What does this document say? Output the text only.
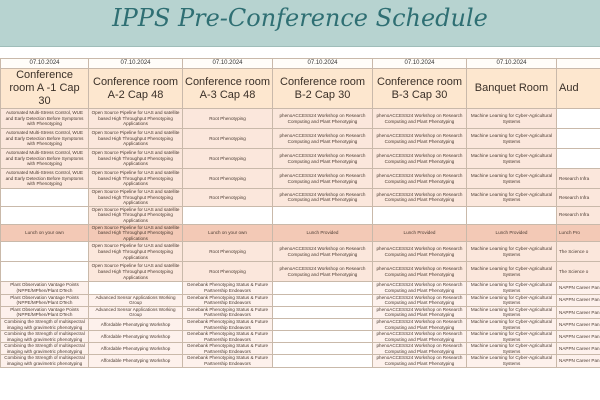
IPPS Pre-Conference Schedule
07.10.2024	07.10.2024	07.10.2024	07.10.2024	07.10.2024	07.10.2024	
Conference room A -1 Cap 30	Conference room A-2 Cap 48	Conference room A-3 Cap 48	Conference room B-2 Cap 30	Conference room B-3 Cap 30	Banquet Room	Aud
Automated Multi-Stress Control, WUE and Early Detection Before Symptoms with Phenotyping	Open Source Pipeline for UAS and satellite based High Throughput Phenotyping Applications	Root Phenotyping	phenoACCESS24 Workshop on Research Computing and Plant Phenotyping	phenoACCESS24 Workshop on Research Computing and Plant Phenotyping	Machine Learning for Cyber-Agricultural Systems	
Automated Multi-Stress Control, WUE and Early Detection Before Symptoms with Phenotyping	Open Source Pipeline for UAS and satellite based High Throughput Phenotyping Applications	Root Phenotyping	phenoACCESS24 Workshop on Research Computing and Plant Phenotyping	phenoACCESS24 Workshop on Research Computing and Plant Phenotyping	Machine Learning for Cyber-Agricultural Systems	
Automated Multi-Stress Control, WUE and Early Detection Before Symptoms with Phenotyping	Open Source Pipeline for UAS and satellite based High Throughput Phenotyping Applications	Root Phenotyping	phenoACCESS24 Workshop on Research Computing and Plant Phenotyping	phenoACCESS24 Workshop on Research Computing and Plant Phenotyping	Machine Learning for Cyber-Agricultural Systems	
Automated Multi-Stress Control, WUE and Early Detection Before Symptoms with Phenotyping	Open Source Pipeline for UAS and satellite based High Throughput Phenotyping Applications	Root Phenotyping	phenoACCESS24 Workshop on Research Computing and Plant Phenotyping	phenoACCESS24 Workshop on Research Computing and Plant Phenotyping	Machine Learning for Cyber-Agricultural Systems	Research Infra
	Open Source Pipeline for UAS and satellite based High Throughput Phenotyping Applications	Root Phenotyping	phenoACCESS24 Workshop on Research Computing and Plant Phenotyping	phenoACCESS24 Workshop on Research Computing and Plant Phenotyping	Machine Learning for Cyber-Agricultural Systems	Research Infra
	Open Source Pipeline for UAS and satellite based High Throughput Phenotyping Applications					Research Infra
Lunch on your own	Open Source Pipeline for UAS and satellite based High Throughput Phenotyping Applications	Lunch on your own	Lunch Provided	Lunch Provided	Lunch Provided	Lunch Pro
	Open Source Pipeline for UAS and satellite based High Throughput Phenotyping Applications	Root Phenotyping	phenoACCESS24 Workshop on Research Computing and Plant Phenotyping	phenoACCESS24 Workshop on Research Computing and Plant Phenotyping	Machine Learning for Cyber-Agricultural Systems	The Science o
	Open Source Pipeline for UAS and satellite based High Throughput Phenotyping Applications	Root Phenotyping	phenoACCESS24 Workshop on Research Computing and Plant Phenotyping	phenoACCESS24 Workshop on Research Computing and Plant Phenotyping	Machine Learning for Cyber-Agricultural Systems	The Science o
Plant Observation Vantage Points (NPPE/MPhen/Plant DTech		Genebank Phenotyping Status & Future Partnership Endeavors		phenoACCESS24 Workshop on Research Computing and Plant Phenotyping	Machine Learning for Cyber-Agricultural Systems	NAPPN Career Pan
Plant Observation Vantage Points (NPPE/MPhen/Plant DTech	Advanced Sensor Applications Working Group	Genebank Phenotyping Status & Future Partnership Endeavors		phenoACCESS24 Workshop on Research Computing and Plant Phenotyping	Machine Learning for Cyber-Agricultural Systems	NAPPN Career Pan
Plant Observation Vantage Points (NPPE/MPhen/Plant DTech	Advanced Sensor Applications Working Group	Genebank Phenotyping Status & Future Partnership Endeavors		phenoACCESS24 Workshop on Research Computing and Plant Phenotyping	Machine Learning for Cyber-Agricultural Systems	NAPPN Career Pan
Combining the Strength of multispectral imaging with gravimetric phenotyping	Affordable Phenotyping Workshop	Genebank Phenotyping Status & Future Partnership Endeavors		phenoACCESS24 Workshop on Research Computing and Plant Phenotyping	Machine Learning for Cyber-Agricultural Systems	NAPPN Career Pan
Combining the Strength of multispectral imaging with gravimetric phenotyping	Affordable Phenotyping Workshop	Genebank Phenotyping Status & Future Partnership Endeavors		phenoACCESS24 Workshop on Research Computing and Plant Phenotyping	Machine Learning for Cyber-Agricultural Systems	NAPPN Career Pan
Combining the Strength of multispectral imaging with gravimetric phenotyping	Affordable Phenotyping Workshop	Genebank Phenotyping Status & Future Partnership Endeavors		phenoACCESS24 Workshop on Research Computing and Plant Phenotyping	Machine Learning for Cyber-Agricultural Systems	NAPPN Career Pan
Combining the Strength of multispectral imaging with gravimetric phenotyping	Affordable Phenotyping Workshop	Genebank Phenotyping Status & Future Partnership Endeavors		phenoACCESS24 Workshop on Research Computing and Plant Phenotyping	Machine Learning for Cyber-Agricultural Systems	NAPPN Career Pan
